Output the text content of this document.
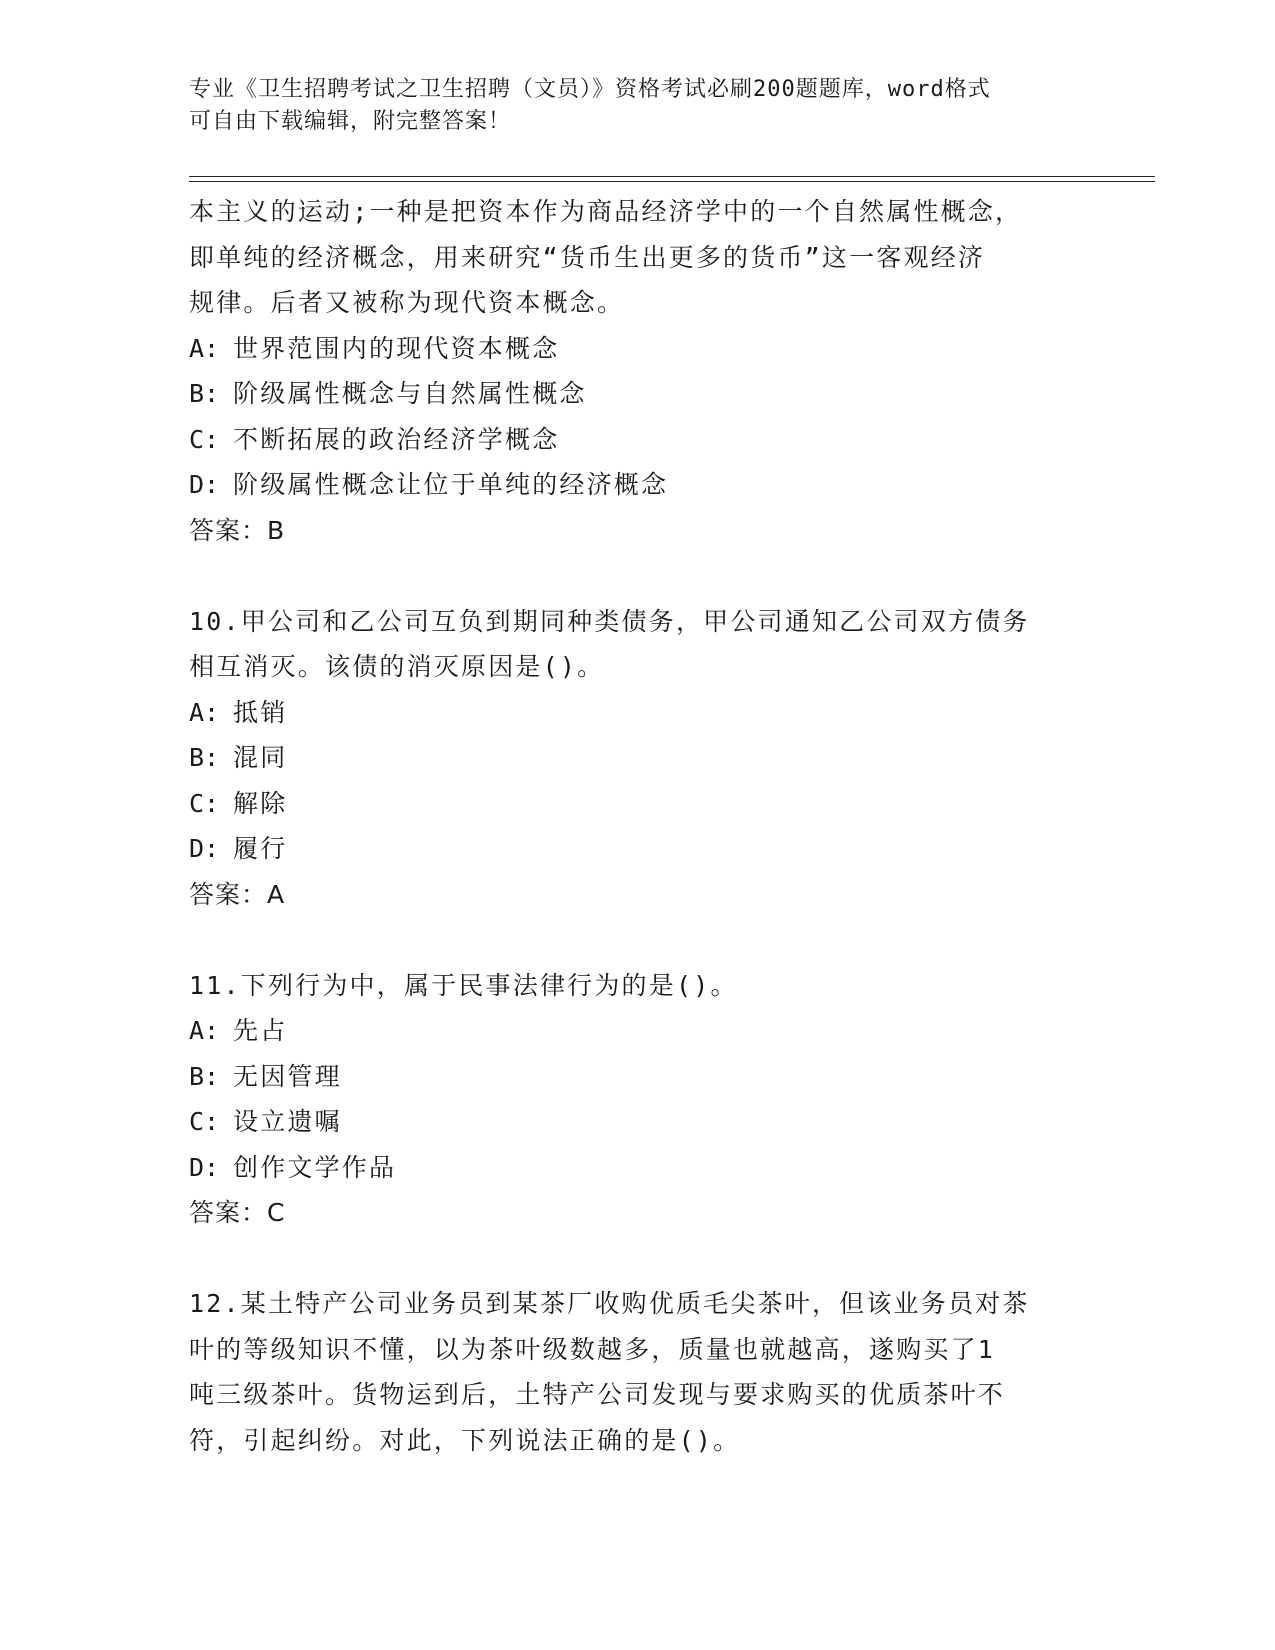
专业《卫生招聘考试之卫生招聘（文员）》资格考试必刷200题题库，word格式
可自由下载编辑，附完整答案！
本主义的运动;一种是把资本作为商品经济学中的一个自然属性概念，
即单纯的经济概念，用来研究“货币生出更多的货币”这一客观经济
规律。后者又被称为现代资本概念。
A: 世界范围内的现代资本概念
B: 阶级属性概念与自然属性概念
C: 不断拓展的政治经济学概念
D: 阶级属性概念让位于单纯的经济概念
答案：B
10.甲公司和乙公司互负到期同种类债务，甲公司通知乙公司双方债务
相互消灭。该债的消灭原因是()。
A: 抵销
B: 混同
C: 解除
D: 履行
答案：A
11.下列行为中，属于民事法律行为的是()。
A: 先占
B: 无因管理
C: 设立遗嘱
D: 创作文学作品
答案：C
12.某土特产公司业务员到某茶厂收购优质毛尖茶叶，但该业务员对茶
叶的等级知识不懂，以为茶叶级数越多，质量也就越高，遂购买了1
吨三级茶叶。货物运到后，土特产公司发现与要求购买的优质茶叶不
符，引起纠纷。对此，下列说法正确的是()。
